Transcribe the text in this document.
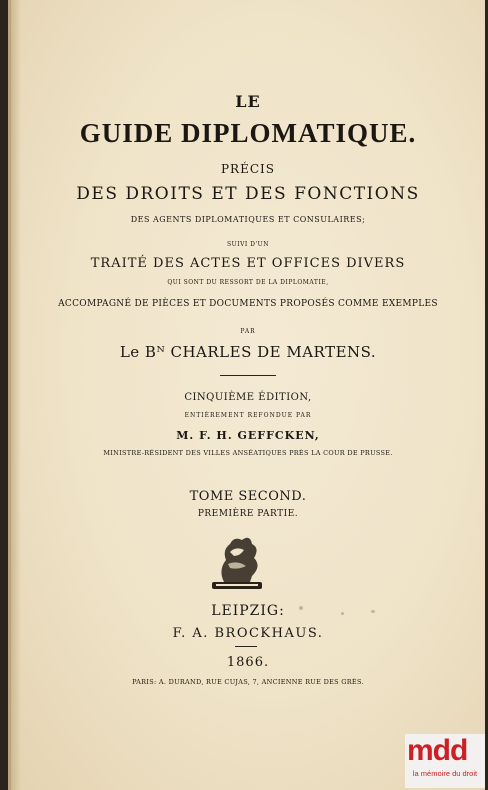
LE
GUIDE DIPLOMATIQUE.
PRÉCIS
DES DROITS ET DES FONCTIONS
DES AGENTS DIPLOMATIQUES ET CONSULAIRES;
SUIVI D'UN
TRAITÉ DES ACTES ET OFFICES DIVERS
QUI SONT DU RESSORT DE LA DIPLOMATIE,
ACCOMPAGNÉ DE PIÈCES ET DOCUMENTS PROPOSÉS COMME EXEMPLES
PAR
Le Bᴺ CHARLES DE MARTENS.
CINQUIÈME ÉDITION,
ENTIÈREMENT REFONDUE PAR
M. F. H. GEFFCKEN,
MINISTRE-RÉSIDENT DES VILLES ANSÉATIQUES PRÈS LA COUR DE PRUSSE.
TOME SECOND.
PREMIÈRE PARTIE.
LEIPZIG:
F. A. BROCKHAUS.
1866.
PARIS: A. DURAND, RUE CUJAS, 7, ANCIENNE RUE DES GRÈS.
mdd
la mémoire du droit
